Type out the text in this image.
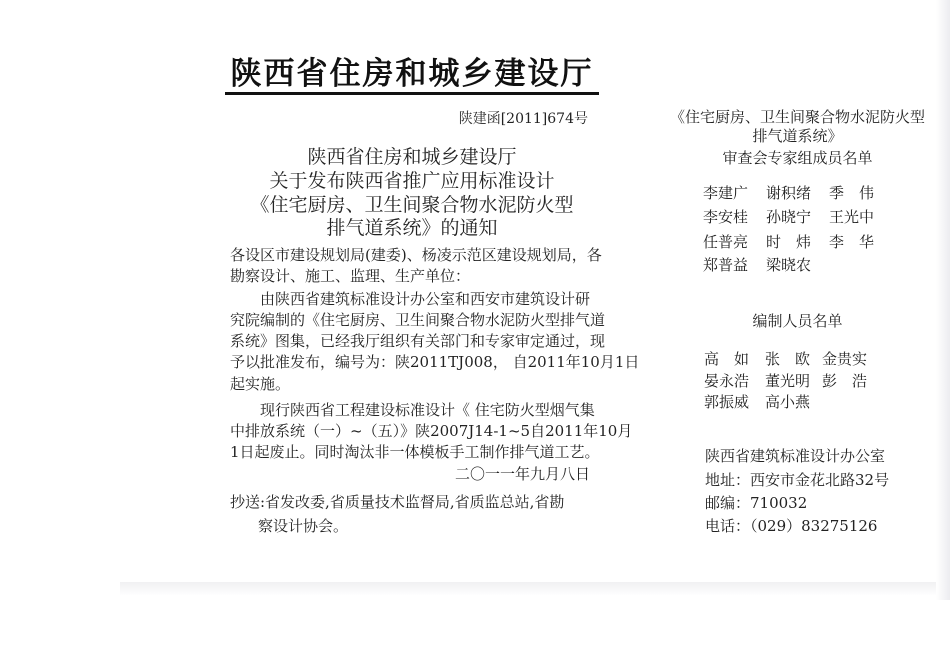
陕西省住房和城乡建设厅
陕建函[2011]674号
陕西省住房和城乡建设厅
关于发布陕西省推广应用标准设计
《住宅厨房、卫生间聚合物水泥防火型
排气道系统》的通知
各设区市建设规划局(建委)、杨凌示范区建设规划局，各
勘察设计、施工、监理、生产单位：
　　由陕西省建筑标准设计办公室和西安市建筑设计研
究院编制的《住宅厨房、卫生间聚合物水泥防火型排气道
系统》图集，已经我厅组织有关部门和专家审定通过，现
予以批准发布，编号为：陕2011TJ008， 自2011年10月1日
起实施。
　　现行陕西省工程建设标准设计《 住宅防火型烟气集
中排放系统（一）~（五）》陕2007J14-1~5自2011年10月
1日起废止。同时淘汰非一体模板手工制作排气道工艺。
二〇一一年九月八日
抄送:省发改委,省质量技术监督局,省质监总站,省勘
察设计协会。
《住宅厨房、卫生间聚合物水泥防火型
排气道系统》
审查会专家组成员名单
李建广	谢积绪	季　伟
李安桂	孙晓宁	王光中
任普亮	时　炜	李　华
郑普益	梁晓农
编制人员名单
高　如	张　欧 金贵实
晏永浩	董光明 彭　浩
郭振威	高小燕
陕西省建筑标准设计办公室
地址：西安市金花北路32号
邮编：710032
电话：（029）83275126
